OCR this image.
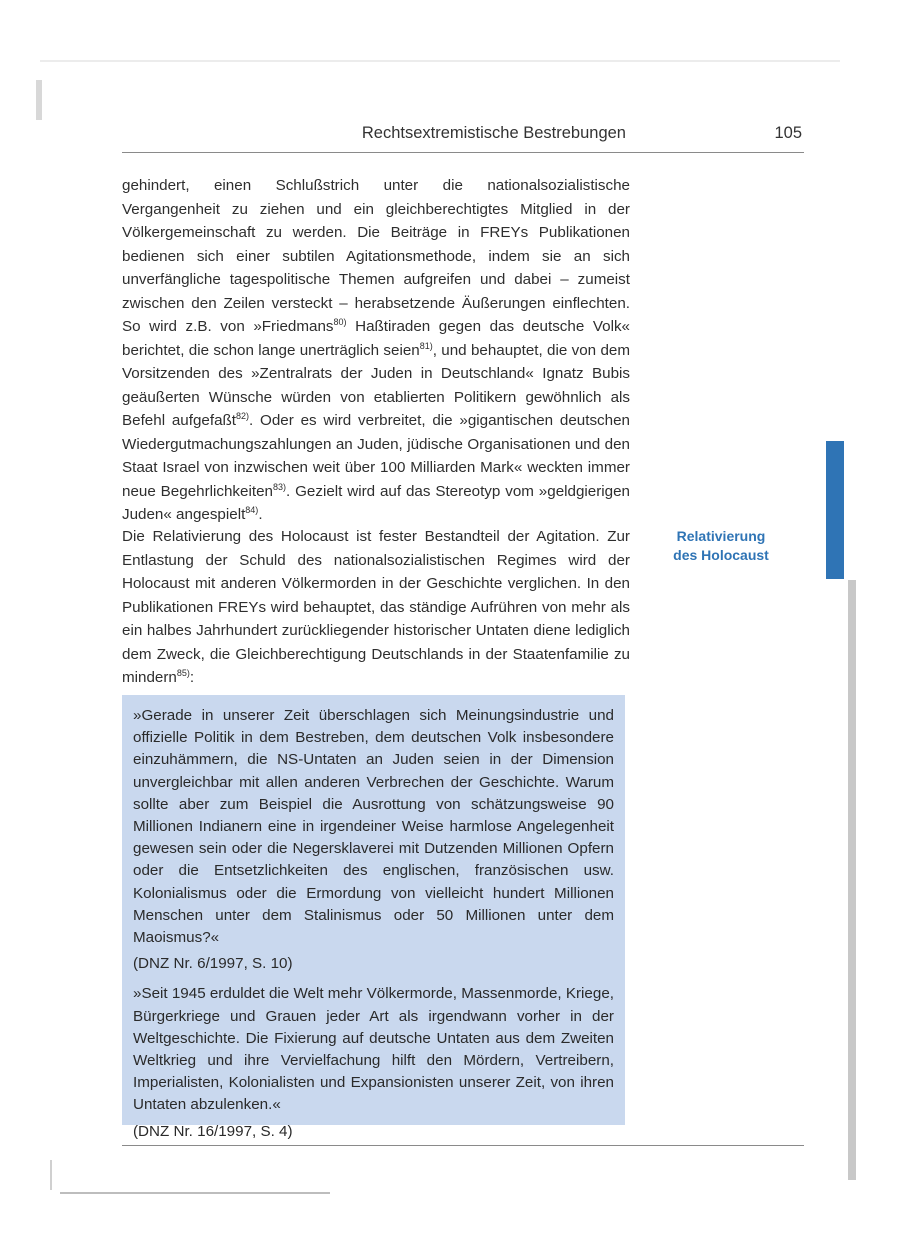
Rechtsextremistische Bestrebungen	105
gehindert, einen Schlußstrich unter die nationalsozialistische Vergangenheit zu ziehen und ein gleichberechtigtes Mitglied in der Völkergemeinschaft zu werden. Die Beiträge in FREYs Publikationen bedienen sich einer subtilen Agitationsmethode, indem sie an sich unverfängliche tagespolitische Themen aufgreifen und dabei – zumeist zwischen den Zeilen versteckt – herabsetzende Äußerungen einflechten. So wird z.B. von »Friedmans$^{80)}$ Haßtiraden gegen das deutsche Volk« berichtet, die schon lange unerträglich seien$^{81)}$, und behauptet, die von dem Vorsitzenden des »Zentralrats der Juden in Deutschland« Ignatz Bubis geäußerten Wünsche würden von etablierten Politikern gewöhnlich als Befehl aufgefaßt$^{82)}$. Oder es wird verbreitet, die »gigantischen deutschen Wiedergutmachungszahlungen an Juden, jüdische Organisationen und den Staat Israel von inzwischen weit über 100 Milliarden Mark« weckten immer neue Begehrlichkeiten$^{83)}$. Gezielt wird auf das Stereotyp vom »geldgierigen Juden« angespielt$^{84)}$.
Die Relativierung des Holocaust ist fester Bestandteil der Agitation. Zur Entlastung der Schuld des nationalsozialistischen Regimes wird der Holocaust mit anderen Völkermorden in der Geschichte verglichen. In den Publikationen FREYs wird behauptet, das ständige Aufrühren von mehr als ein halbes Jahrhundert zurückliegender historischer Untaten diene lediglich dem Zweck, die Gleichberechtigung Deutschlands in der Staatenfamilie zu mindern$^{85)}$:
Relativierung
des Holocaust

»Gerade in unserer Zeit überschlagen sich Meinungsindustrie und offizielle Politik in dem Bestreben, dem deutschen Volk insbesondere einzuhämmern, die NS-Untaten an Juden seien in der Dimension unvergleichbar mit allen anderen Verbrechen der Geschichte. Warum sollte aber zum Beispiel die Ausrottung von schätzungsweise 90 Millionen Indianern eine in irgendeiner Weise harmlose Angelegenheit gewesen sein oder die Negersklaverei mit Dutzenden Millionen Opfern oder die Entsetzlichkeiten des englischen, französischen usw. Kolonialismus oder die Ermordung von vielleicht hundert Millionen Menschen unter dem Stalinismus oder 50 Millionen unter dem Maoismus?«

(DNZ Nr. 6/1997, S. 10)

»Seit 1945 erduldet die Welt mehr Völkermorde, Massenmorde, Kriege, Bürgerkriege und Grauen jeder Art als irgendwann vorher in der Weltgeschichte. Die Fixierung auf deutsche Untaten aus dem Zweiten Weltkrieg und ihre Vervielfachung hilft den Mördern, Vertreibern, Imperialisten, Kolonialisten und Expansionisten unserer Zeit, von ihren Untaten abzulenken.«

(DNZ Nr. 16/1997, S. 4)
